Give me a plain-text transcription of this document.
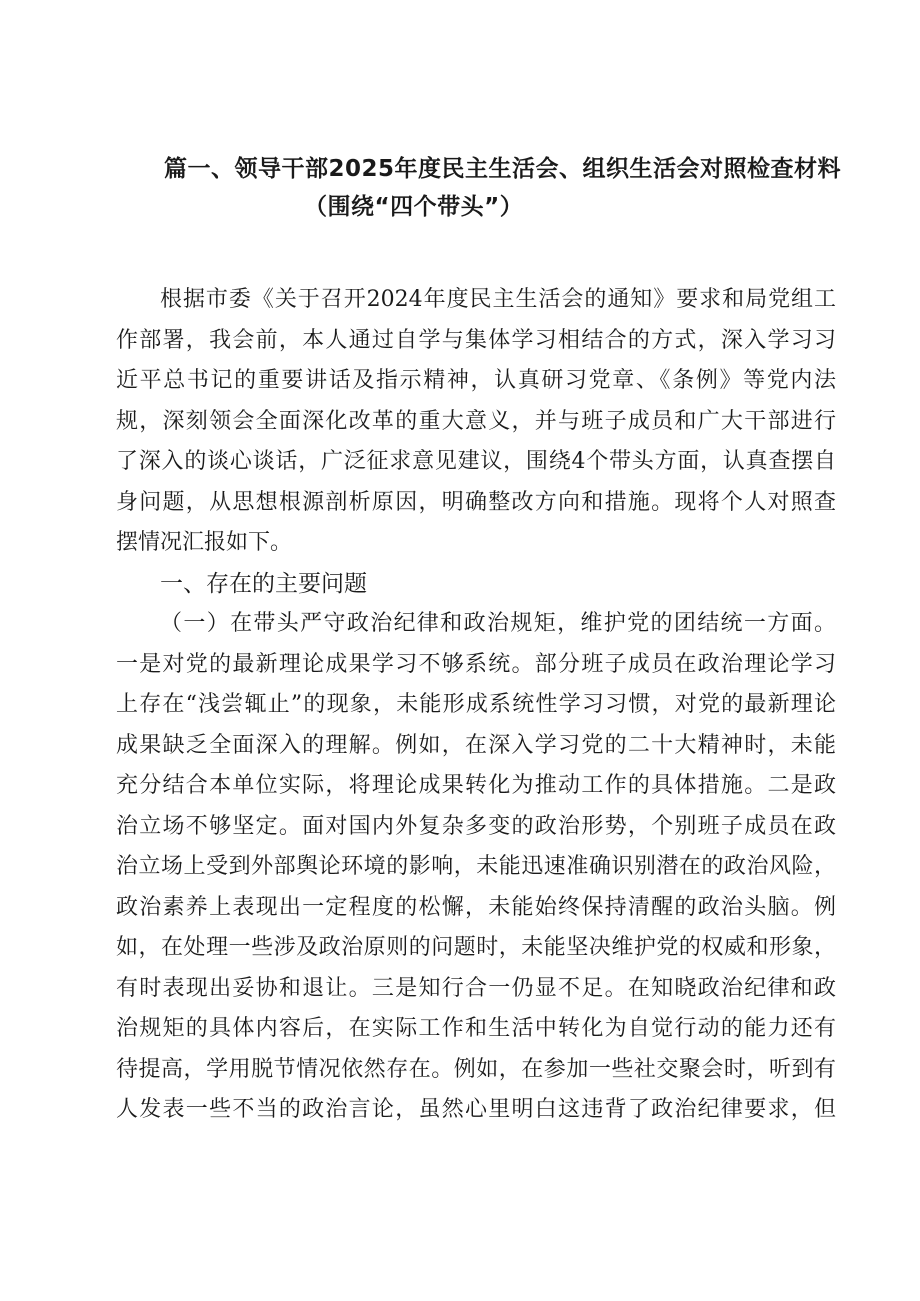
篇一、领导干部2025年度民主生活会、组织生活会对照检查材料
（围绕“四个带头”）
根据市委《关于召开2024年度民主生活会的通知》要求和局党组工
作部署，我会前，本人通过自学与集体学习相结合的方式，深入学习习
近平总书记的重要讲话及指示精神，认真研习党章、《条例》等党内法
规，深刻领会全面深化改革的重大意义，并与班子成员和广大干部进行
了深入的谈心谈话，广泛征求意见建议，围绕4个带头方面，认真查摆自
身问题，从思想根源剖析原因，明确整改方向和措施。现将个人对照查
摆情况汇报如下。
一、存在的主要问题
（一）在带头严守政治纪律和政治规矩，维护党的团结统一方面。
一是对党的最新理论成果学习不够系统。部分班子成员在政治理论学习
上存在“浅尝辄止”的现象，未能形成系统性学习习惯，对党的最新理论
成果缺乏全面深入的理解。例如，在深入学习党的二十大精神时，未能
充分结合本单位实际，将理论成果转化为推动工作的具体措施。二是政
治立场不够坚定。面对国内外复杂多变的政治形势，个别班子成员在政
治立场上受到外部舆论环境的影响，未能迅速准确识别潜在的政治风险，
政治素养上表现出一定程度的松懈，未能始终保持清醒的政治头脑。例
如，在处理一些涉及政治原则的问题时，未能坚决维护党的权威和形象，
有时表现出妥协和退让。三是知行合一仍显不足。在知晓政治纪律和政
治规矩的具体内容后，在实际工作和生活中转化为自觉行动的能力还有
待提高，学用脱节情况依然存在。例如，在参加一些社交聚会时，听到有
人发表一些不当的政治言论，虽然心里明白这违背了政治纪律要求，但
